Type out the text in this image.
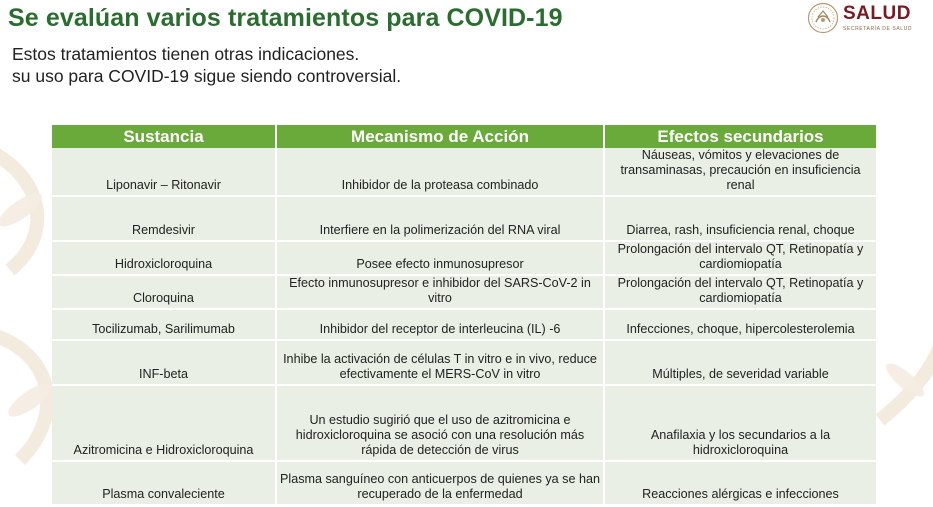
Se evalúan varios tratamientos para COVID-19	SALUD
SECRETARÍA DE SALUD
Estos tratamientos tienen otras indicaciones.
su uso para COVID-19 sigue siendo controversial.
Sustancia	Mecanismo de Acción	Efectos secundarios
Liponavir – Ritonavir	Inhibidor de la proteasa combinado	Náuseas, vómitos y elevaciones de transaminasas, precaución en insuficiencia renal
Remdesivir	Interfiere en la polimerización del RNA viral	Diarrea, rash, insuficiencia renal, choque
Hidroxicloroquina	Posee efecto inmunosupresor	Prolongación del intervalo QT, Retinopatía y cardiomiopatía
Cloroquina	Efecto inmunosupresor e inhibidor del SARS-CoV-2 in vitro	Prolongación del intervalo QT, Retinopatía y cardiomiopatía
Tocilizumab, Sarilimumab	Inhibidor del receptor de interleucina (IL) -6	Infecciones, choque, hipercolesterolemia
INF-beta	Inhibe la activación de células T in vitro e in vivo, reduce efectivamente el MERS-CoV in vitro	Múltiples, de severidad variable
Azitromicina e Hidroxicloroquina	Un estudio sugirió que el uso de azitromicina e hidroxicloroquina se asoció con una resolución más rápida de detección de virus	Anafilaxia y los secundarios a la hidroxicloroquina
Plasma convaleciente	Plasma sanguíneo con anticuerpos de quienes ya se han recuperado de la enfermedad	Reacciones alérgicas e infecciones
